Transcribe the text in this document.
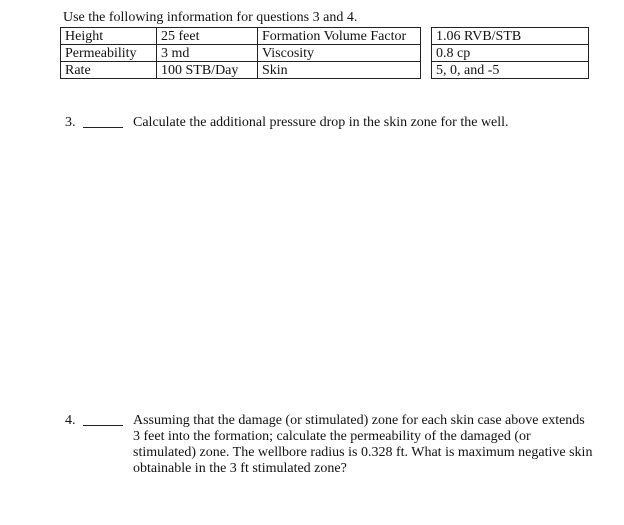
Use the following information for questions 3 and 4.
Height	25 feet	Formation Volume Factor		1.06 RVB/STB
Permeability	3 md	Viscosity		0.8 cp
Rate	100 STB/Day	Skin		5, 0, and -5
3.	Calculate the additional pressure drop in the skin zone for the well.
4.	Assuming that the damage (or stimulated) zone for each skin case above extends 3 feet into the formation; calculate the permeability of the damaged (or stimulated) zone. The wellbore radius is 0.328 ft. What is maximum negative skin obtainable in the 3 ft stimulated zone?
